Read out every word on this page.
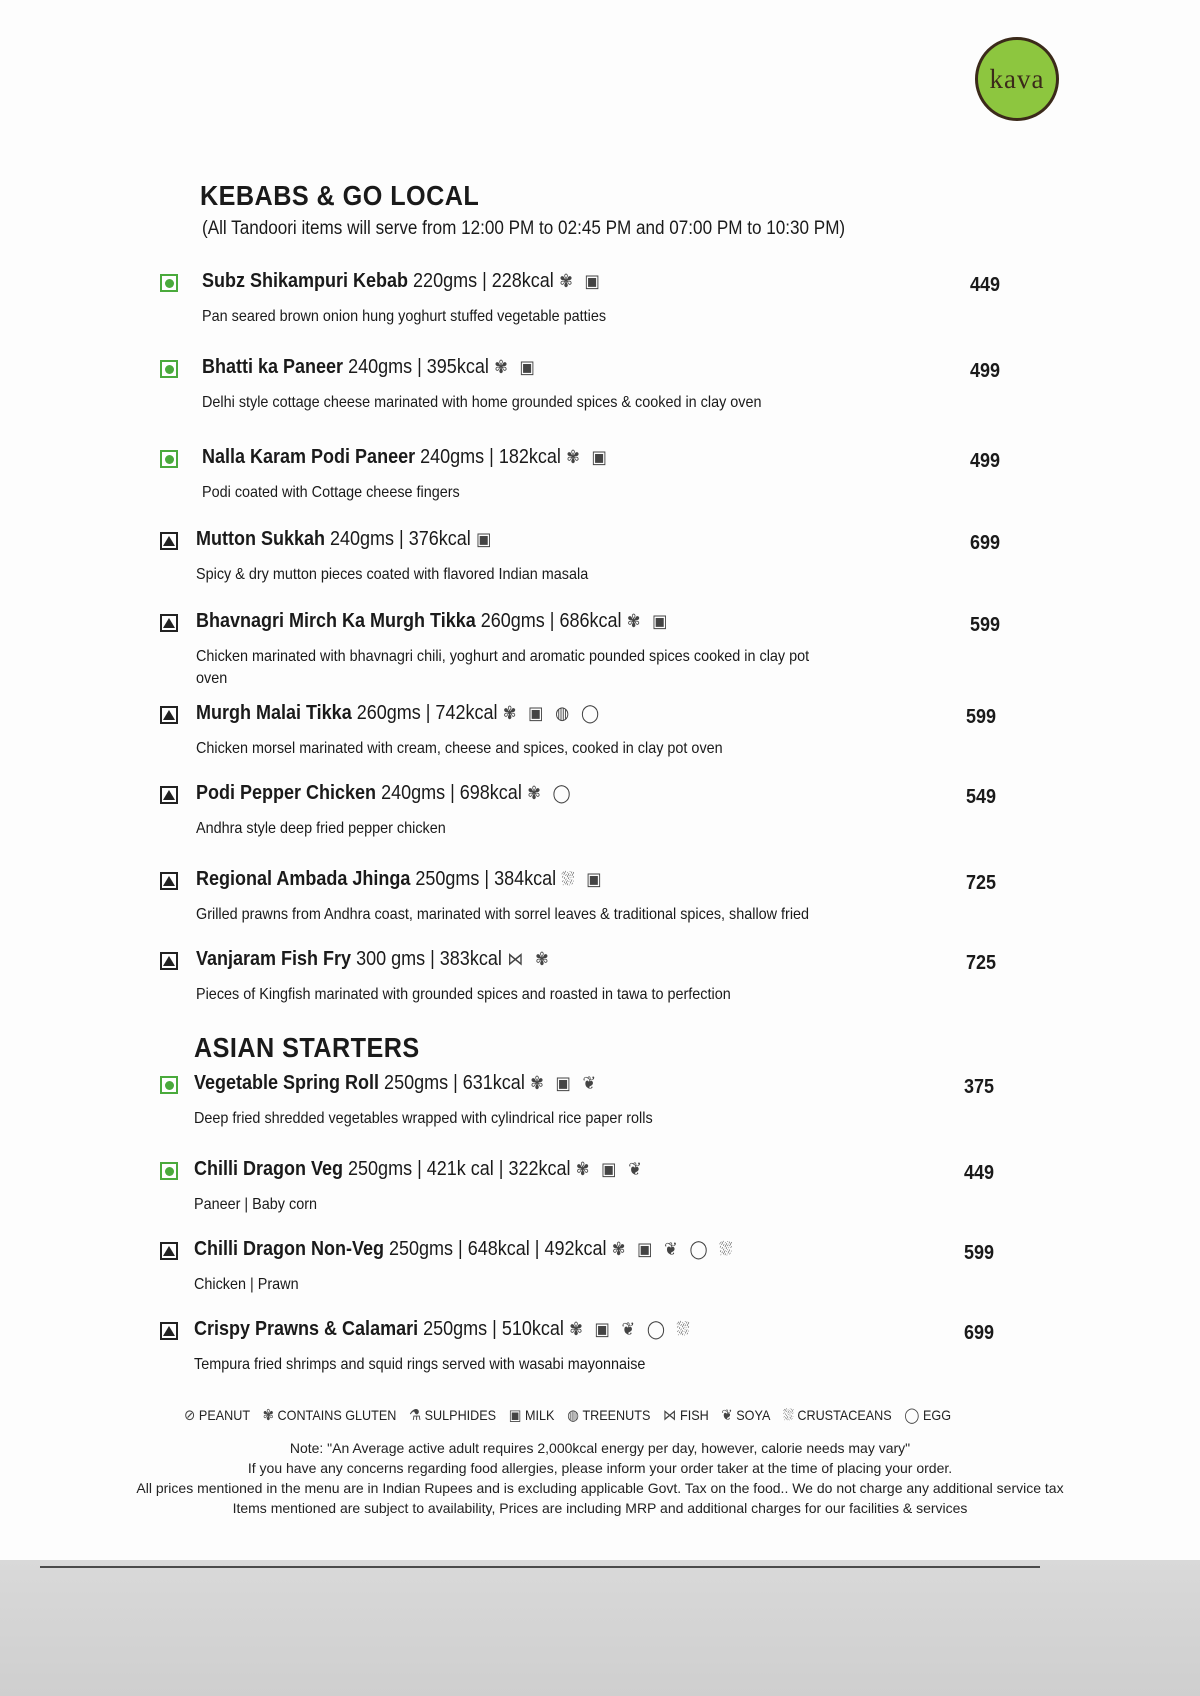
kava
KEBABS & GO LOCAL
(All Tandoori items will serve from 12:00 PM to 02:45 PM and 07:00 PM to 10:30 PM)
ASIAN STARTERS
Subz Shikampuri Kebab 220gms | 228kcal ✾ ▣
Pan seared brown onion hung yoghurt stuffed vegetable patties
449
Bhatti ka Paneer 240gms | 395kcal ✾ ▣
Delhi style cottage cheese marinated with home grounded spices & cooked in clay oven
499
Nalla Karam Podi Paneer 240gms | 182kcal ✾ ▣
Podi coated with Cottage cheese fingers
499
Mutton Sukkah 240gms | 376kcal ▣
Spicy & dry mutton pieces coated with flavored Indian masala
699
Bhavnagri Mirch Ka Murgh Tikka 260gms | 686kcal ✾ ▣
Chicken marinated with bhavnagri chili, yoghurt and aromatic pounded spices cooked in clay pot oven
599
Murgh Malai Tikka 260gms | 742kcal ✾ ▣ ◍ ◯
Chicken morsel marinated with cream, cheese and spices, cooked in clay pot oven
599
Podi Pepper Chicken 240gms | 698kcal ✾ ◯
Andhra style deep fried pepper chicken
549
Regional Ambada Jhinga 250gms | 384kcal ⛆ ▣
Grilled prawns from Andhra coast, marinated with sorrel leaves & traditional spices, shallow fried
725
Vanjaram Fish Fry 300 gms | 383kcal ⋈ ✾
Pieces of Kingfish marinated with grounded spices and roasted in tawa to perfection
725
Vegetable Spring Roll 250gms | 631kcal ✾ ▣ ❦
Deep fried shredded vegetables wrapped with cylindrical rice paper rolls
375
Chilli Dragon Veg 250gms | 421k cal | 322kcal ✾ ▣ ❦
Paneer | Baby corn
449
Chilli Dragon Non-Veg 250gms | 648kcal | 492kcal ✾ ▣ ❦ ◯ ⛆
Chicken | Prawn
599
Crispy Prawns & Calamari 250gms | 510kcal ✾ ▣ ❦ ◯ ⛆
Tempura fried shrimps and squid rings served with wasabi mayonnaise
699
⊘ PEANUT ✾ CONTAINS GLUTEN ⚗ SULPHIDES ▣ MILK ◍ TREENUTS ⋈ FISH ❦ SOYA ⛆ CRUSTACEANS ◯ EGG
Note: "An Average active adult requires 2,000kcal energy per day, however, calorie needs may vary"
If you have any concerns regarding food allergies, please inform your order taker at the time of placing your order.
All prices mentioned in the menu are in Indian Rupees and is excluding applicable Govt. Tax on the food.. We do not charge any additional service tax
Items mentioned are subject to availability, Prices are including MRP and additional charges for our facilities & services
